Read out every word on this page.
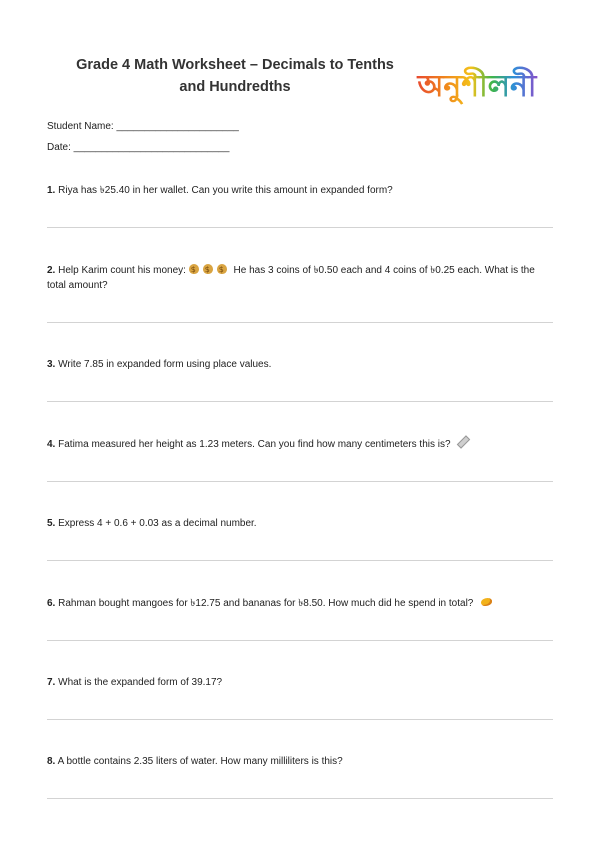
Grade 4 Math Worksheet – Decimals to Tenths
and Hundredths	অনুশীলনী
Student Name: ______________________
Date: ____________________________
1. Riya has ৳25.40 in her wallet. Can you write this amount in expanded form?
2. Help Karim count his money: $ $ $	He has 3 coins of ৳0.50 each and 4 coins of ৳0.25 each. What is the total amount?
3. Write 7.85 in expanded form using place values.
4. Fatima measured her height as 1.23 meters. Can you find how many centimeters this is?
5. Express 4 + 0.6 + 0.03 as a decimal number.
6. Rahman bought mangoes for ৳12.75 and bananas for ৳8.50. How much did he spend in total?
7. What is the expanded form of 39.17?
8. A bottle contains 2.35 liters of water. How many milliliters is this?
